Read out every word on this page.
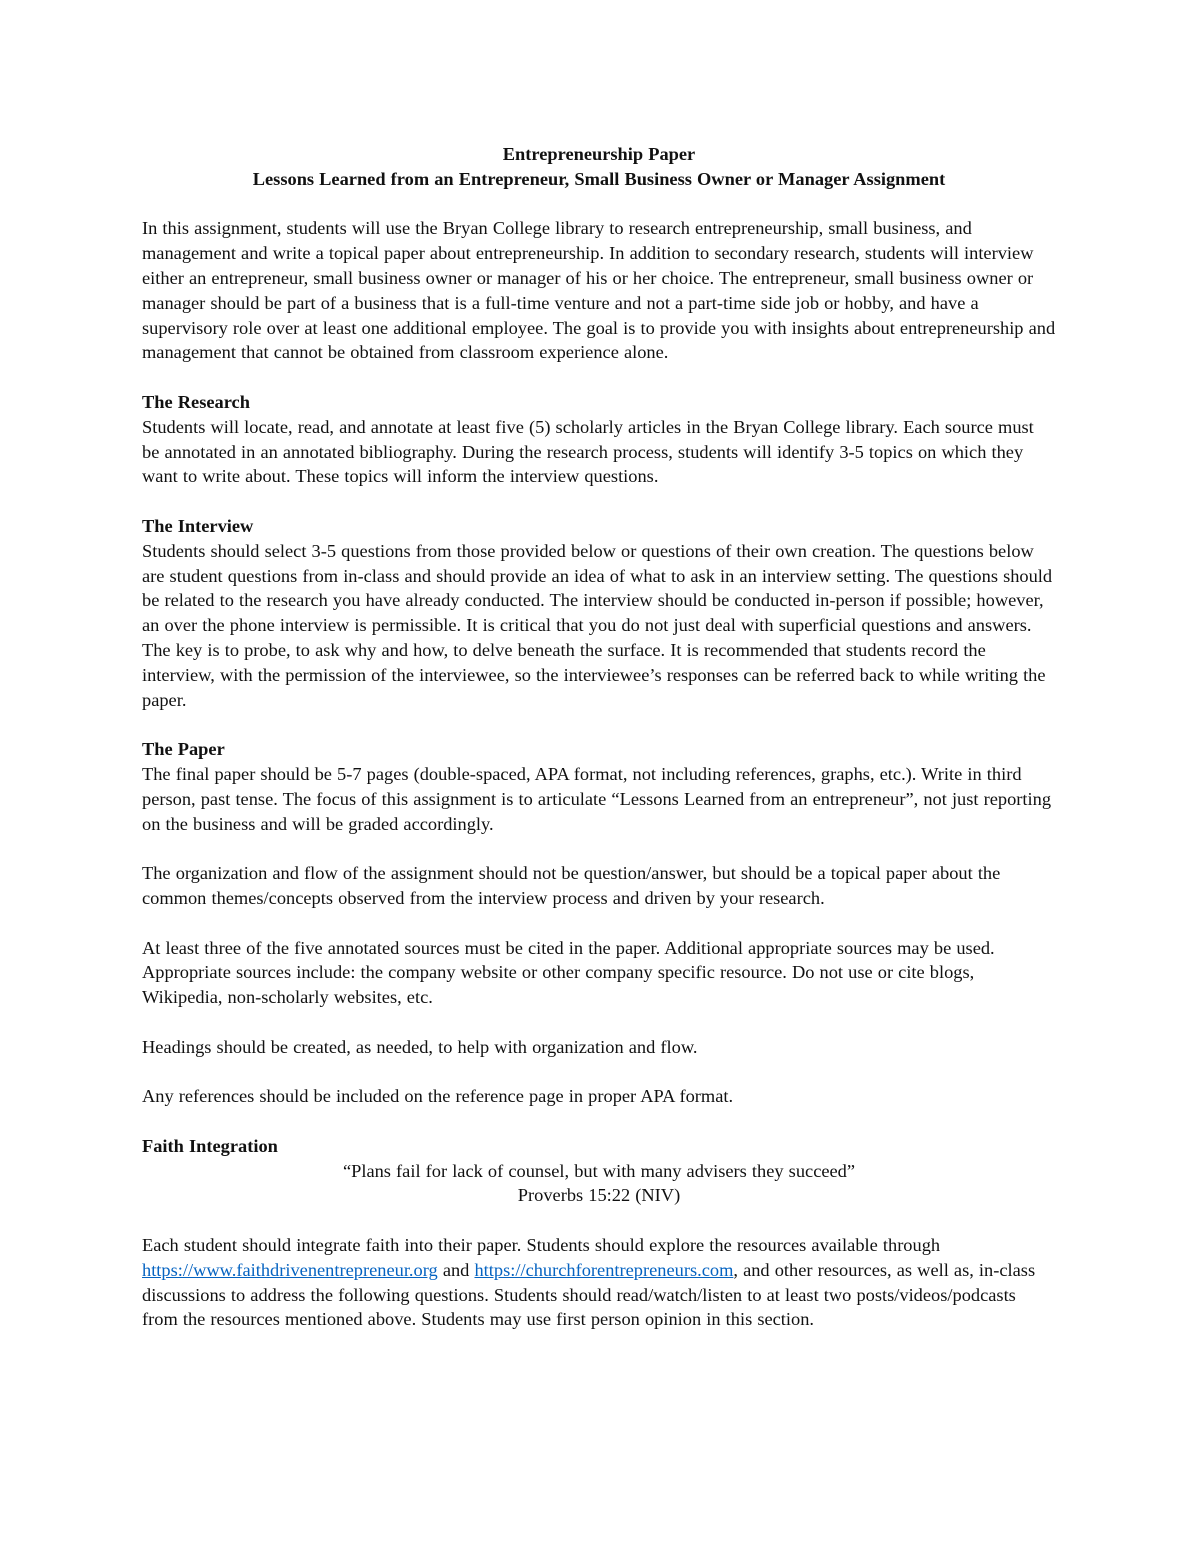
Entrepreneurship Paper

Lessons Learned from an Entrepreneur, Small Business Owner or Manager Assignment

In this assignment, students will use the Bryan College library to research entrepreneurship, small business, and management and write a topical paper about entrepreneurship. In addition to secondary research, students will interview either an entrepreneur, small business owner or manager of his or her choice. The entrepreneur, small business owner or manager should be part of a business that is a full-time venture and not a part-time side job or hobby, and have a supervisory role over at least one additional employee. The goal is to provide you with insights about entrepreneurship and management that cannot be obtained from classroom experience alone.

The Research

Students will locate, read, and annotate at least five (5) scholarly articles in the Bryan College library. Each source must be annotated in an annotated bibliography. During the research process, students will identify 3-5 topics on which they want to write about. These topics will inform the interview questions.

The Interview

Students should select 3-5 questions from those provided below or questions of their own creation. The questions below are student questions from in-class and should provide an idea of what to ask in an interview setting. The questions should be related to the research you have already conducted. The interview should be conducted in-person if possible; however, an over the phone interview is permissible. It is critical that you do not just deal with superficial questions and answers. The key is to probe, to ask why and how, to delve beneath the surface. It is recommended that students record the interview, with the permission of the interviewee, so the interviewee’s responses can be referred back to while writing the paper.

The Paper

The final paper should be 5-7 pages (double-spaced, APA format, not including references, graphs, etc.). Write in third person, past tense. The focus of this assignment is to articulate “Lessons Learned from an entrepreneur”, not just reporting on the business and will be graded accordingly.

The organization and flow of the assignment should not be question/answer, but should be a topical paper about the common themes/concepts observed from the interview process and driven by your research.

At least three of the five annotated sources must be cited in the paper. Additional appropriate sources may be used. Appropriate sources include: the company website or other company specific resource. Do not use or cite blogs, Wikipedia, non-scholarly websites, etc.

Headings should be created, as needed, to help with organization and flow.

Any references should be included on the reference page in proper APA format.

Faith Integration

“Plans fail for lack of counsel, but with many advisers they succeed”

Proverbs 15:22 (NIV)

Each student should integrate faith into their paper. Students should explore the resources available through https://www.faithdrivenentrepreneur.org and https://churchforentrepreneurs.com, and other resources, as well as, in-class discussions to address the following questions. Students should read/watch/listen to at least two posts/videos/podcasts from the resources mentioned above. Students may use first person opinion in this section.
